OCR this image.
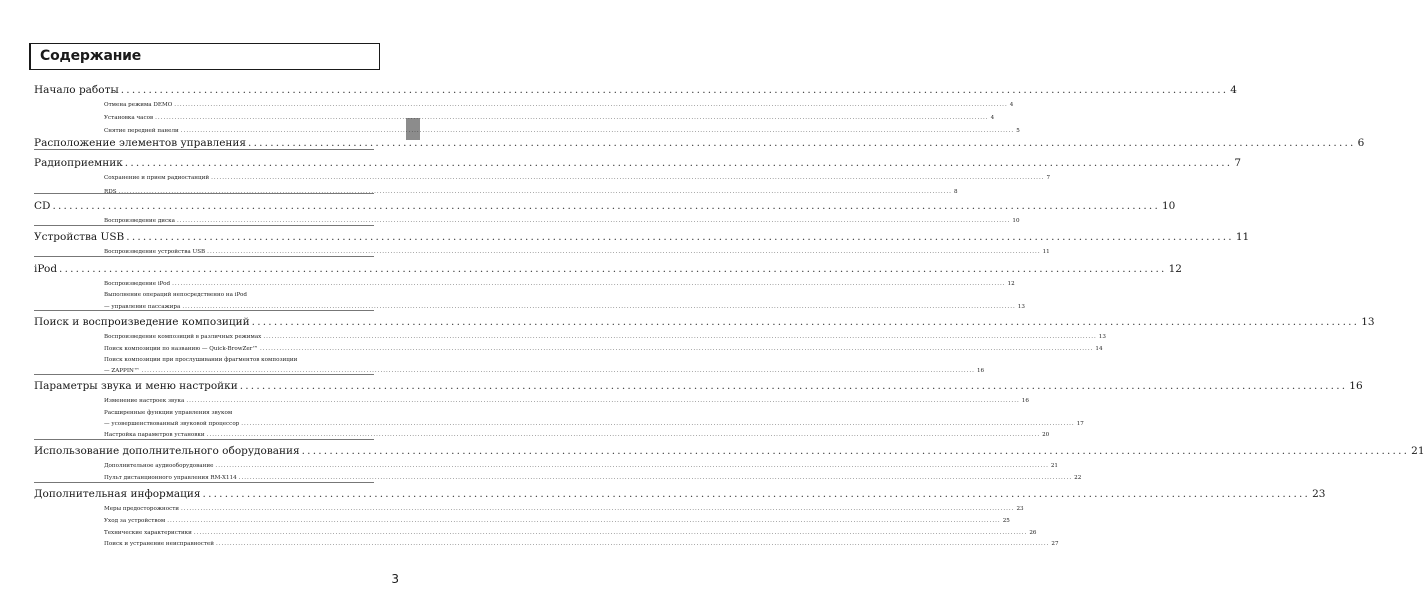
Содержание
Начало работы ........................................................................................................................................................................................................ 4
Отмена режима DEMO ............................................................................................................................................................................................................................................................................................................ 4
Установка часов ............................................................................................................................................................................................................................................................................................................ 4
Снятие передней панели ............................................................................................................................................................................................................................................................................................................ 5
Расположение элементов управления ........................................................................................................................................................................................................ 6
Радиоприемник ........................................................................................................................................................................................................ 7
Сохранение и прием радиостанций ............................................................................................................................................................................................................................................................................................................ 7
RDS ............................................................................................................................................................................................................................................................................................................ 8
CD ........................................................................................................................................................................................................ 10
Воспроизведение диска ............................................................................................................................................................................................................................................................................................................ 10
Устройства USB ........................................................................................................................................................................................................ 11
Воспроизведение устройства USB ............................................................................................................................................................................................................................................................................................................ 11
iPod ........................................................................................................................................................................................................ 12
Воспроизведение iPod ............................................................................................................................................................................................................................................................................................................ 12
Выполнение операций непосредственно на iPod
— управление пассажира ............................................................................................................................................................................................................................................................................................................ 13
Поиск и воспроизведение композиций ........................................................................................................................................................................................................ 13
Воспроизведение композиций в различных режимах ............................................................................................................................................................................................................................................................................................................ 13
Поиск композиции по названию — Quick-BrowZer™ ............................................................................................................................................................................................................................................................................................................ 14
Поиск композиции при прослушивании фрагментов композиции
— ZAPPIN™ ............................................................................................................................................................................................................................................................................................................ 16
Параметры звука и меню настройки ........................................................................................................................................................................................................ 16
Изменение настроек звука ............................................................................................................................................................................................................................................................................................................ 16
Расширенные функции управления звуком
— усовершенствованный звуковой процессор ............................................................................................................................................................................................................................................................................................................ 17
Настройка параметров установки ............................................................................................................................................................................................................................................................................................................ 20
Использование дополнительного оборудования ........................................................................................................................................................................................................ 21
Дополнительное аудиооборудование ............................................................................................................................................................................................................................................................................................................ 21
Пульт дистанционного управления RM-X114 ............................................................................................................................................................................................................................................................................................................ 22
Дополнительная информация ........................................................................................................................................................................................................ 23
Меры предосторожности ............................................................................................................................................................................................................................................................................................................ 23
Уход за устройством ............................................................................................................................................................................................................................................................................................................ 25
Технические характеристики ............................................................................................................................................................................................................................................................................................................ 26
Поиск и устранение неисправностей ............................................................................................................................................................................................................................................................................................................ 27
3
